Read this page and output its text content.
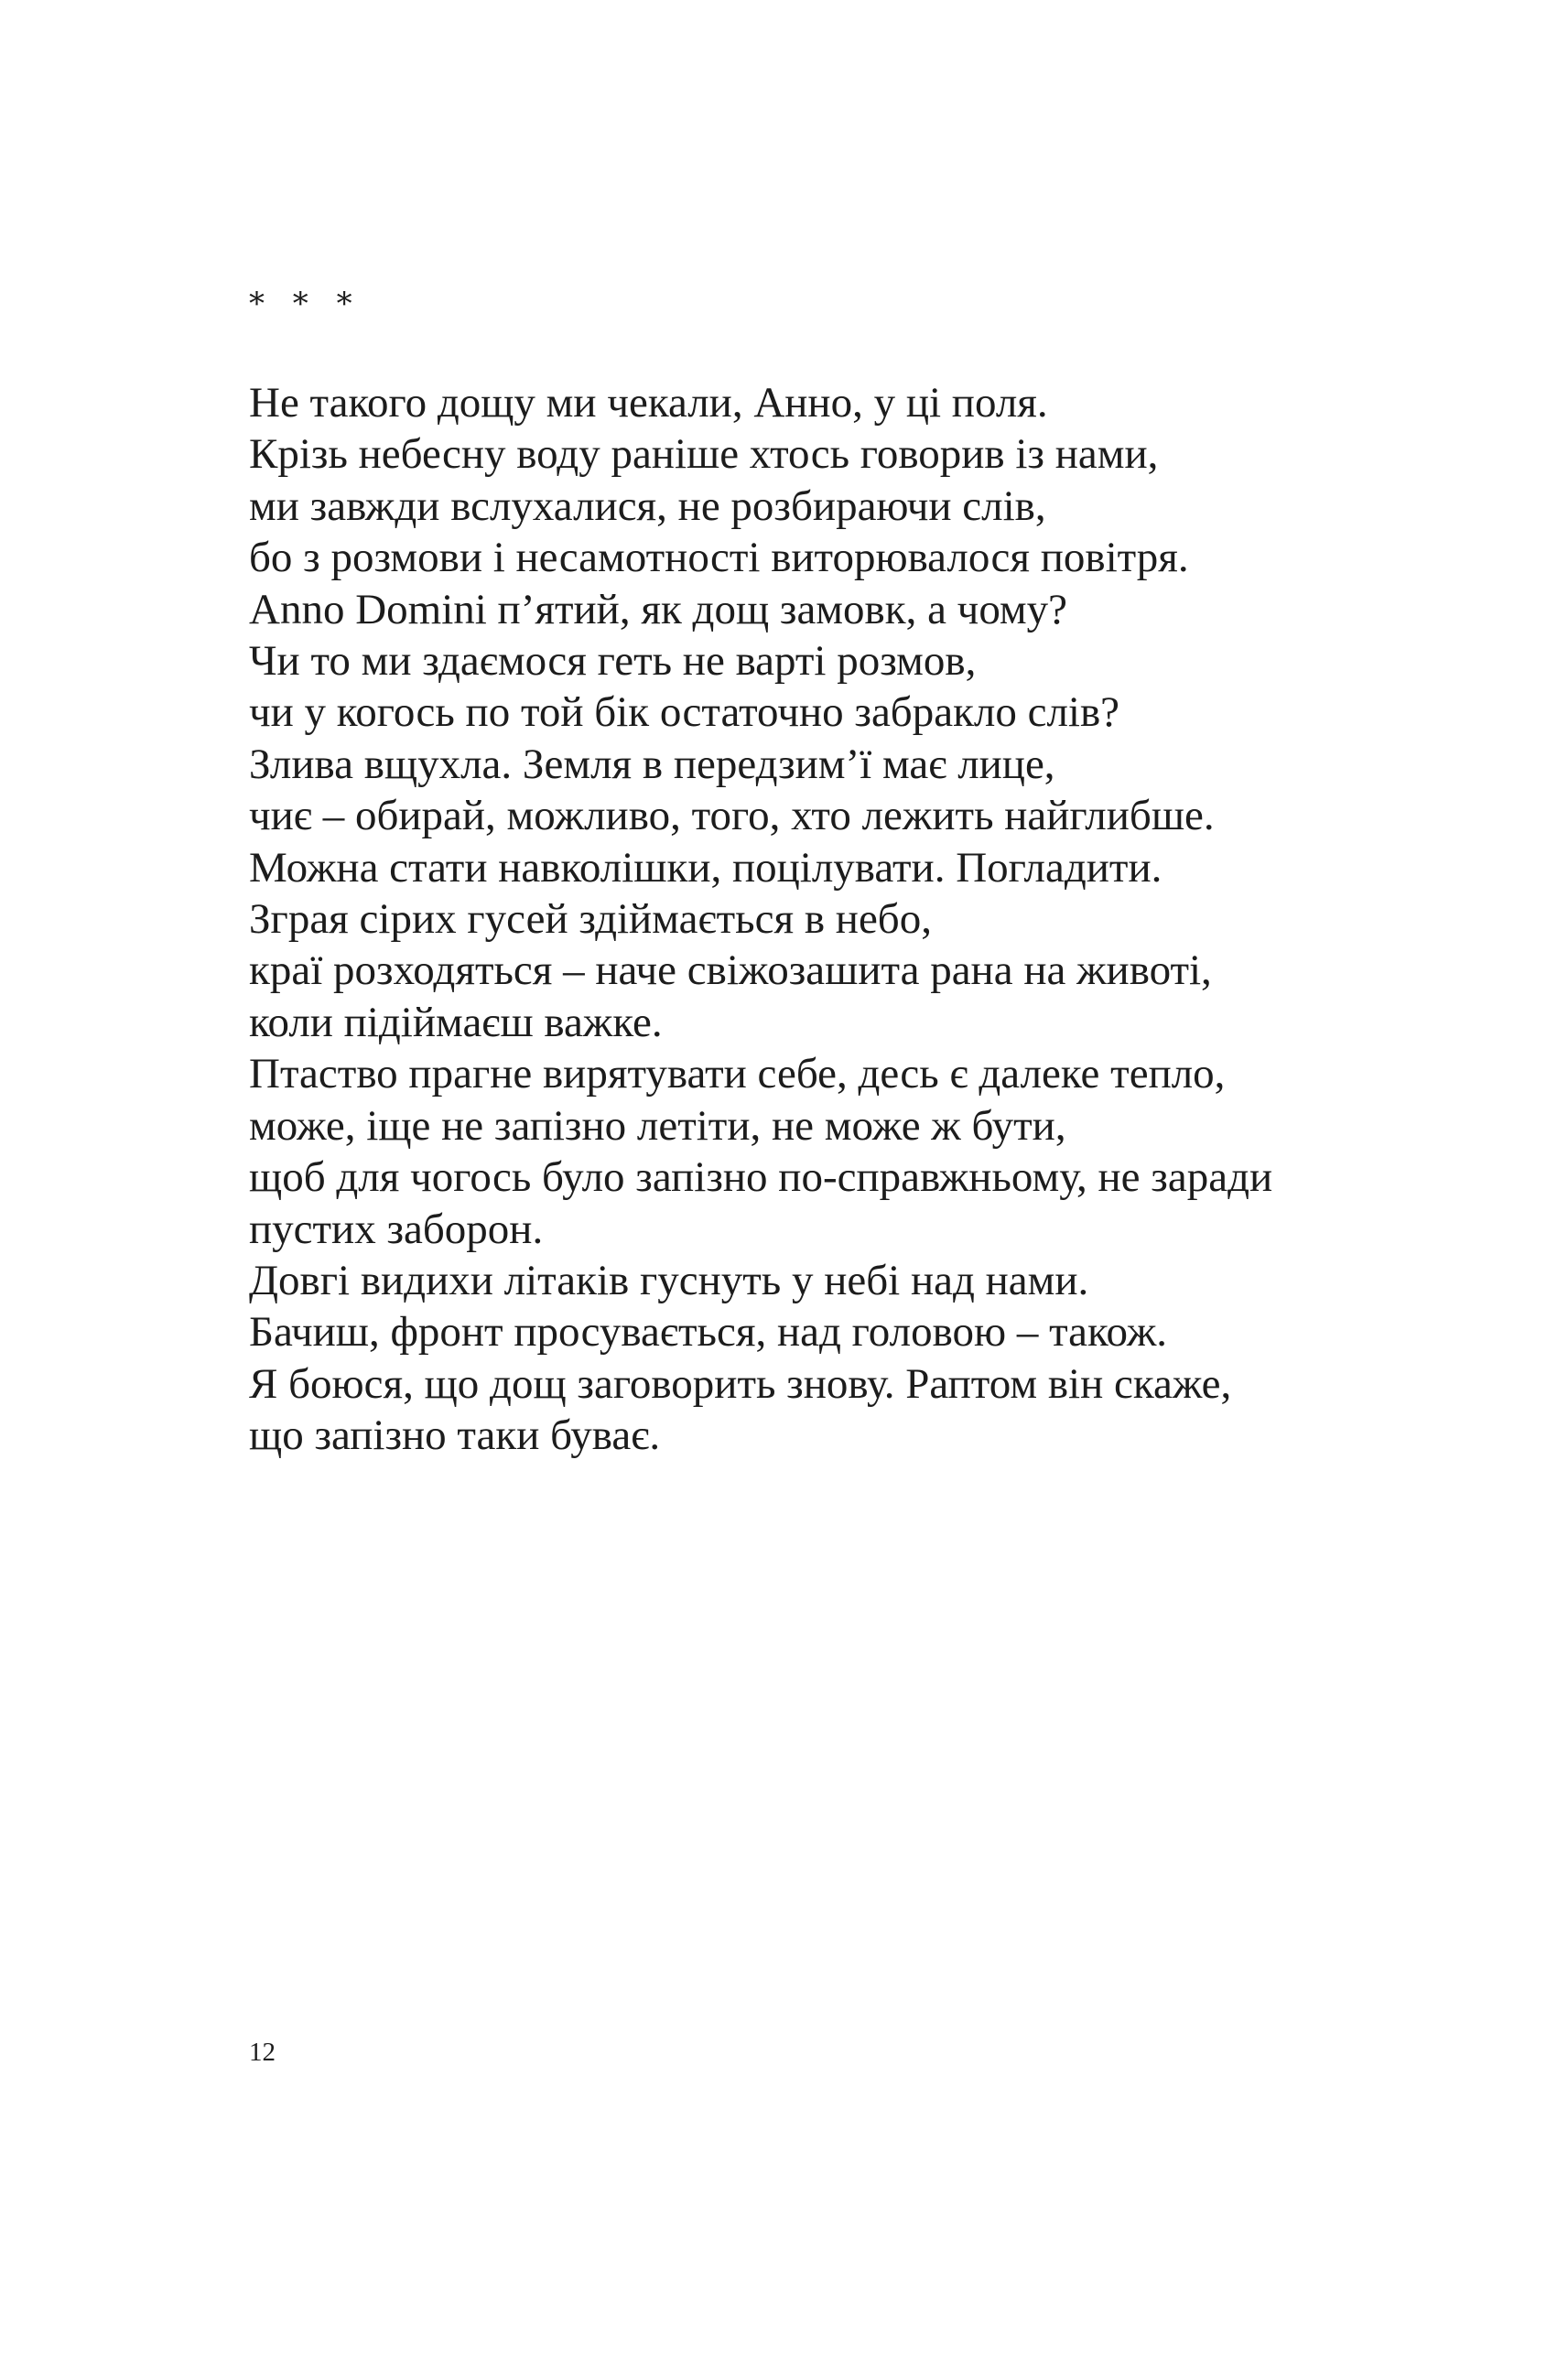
* * *

Не такого дощу ми чекали, Анно, у ці поля.
Крізь небесну воду раніше хтось говорив із нами,
ми завжди вслухалися, не розбираючи слів,
бо з розмови і несамотності виторювалося повітря.
Anno Domini п’ятий, як дощ замовк, а чому?
Чи то ми здаємося геть не варті розмов,
чи у когось по той бік остаточно забракло слів?
Злива вщухла. Земля в передзим’ї має лице,
чиє – обирай, можливо, того, хто лежить найглибше.
Можна стати навколішки, поцілувати. Погладити.
Зграя сірих гусей здіймається в небо,
краї розходяться – наче свіжозашита рана на животі,
коли підіймаєш важке.
Птаство прагне вирятувати себе, десь є далеке тепло,
може, іще не запізно летіти, не може ж бути,
щоб для чогось було запізно по-справжньому, не заради
пустих заборон.
Довгі видихи літаків гуснуть у небі над нами.
Бачиш, фронт просувається, над головою – також.
Я боюся, що дощ заговорить знову. Раптом він скаже,
що запізно таки буває.

12
